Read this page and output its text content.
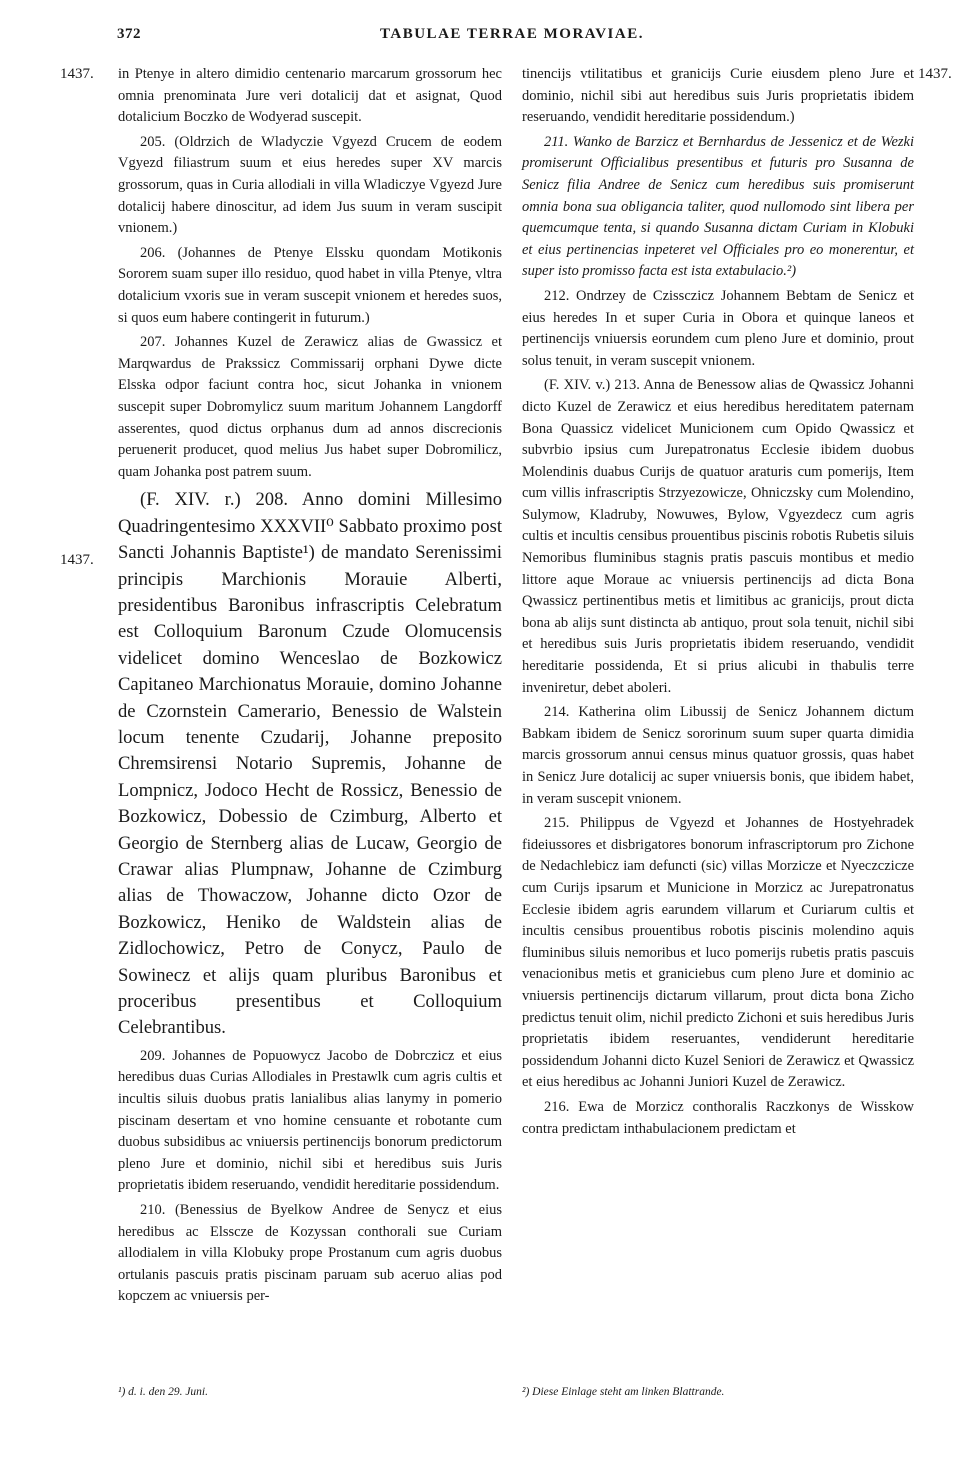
372	TABULAE TERRAE MORAVIAE.
1437.	1437.
1437.

in Ptenye in altero dimidio centenario marcarum grossorum hec omnia prenominata Jure veri dotalicij dat et asignat, Quod dotalicium Boczko de Wodyerad suscepit.

205. (Oldrzich de Wladyczie Vgyezd Crucem de eodem Vgyezd filiastrum suum et eius heredes super XV marcis grossorum, quas in Curia allodiali in villa Wladiczye Vgyezd Jure dotalicij habere dinoscitur, ad idem Jus suum in veram suscipit vnionem.)

206. (Johannes de Ptenye Elssku quondam Motikonis Sororem suam super illo residuo, quod habet in villa Ptenye, vltra dotalicium vxoris sue in veram suscepit vnionem et heredes suos, si quos eum habere contingerit in futurum.)

207. Johannes Kuzel de Zerawicz alias de Gwassicz et Marqwardus de Prakssicz Commissarij orphani Dywe dicte Elsska odpor faciunt contra hoc, sicut Johanka in vnionem suscepit super Dobromylicz suum maritum Johannem Langdorff asserentes, quod dictus orphanus dum ad annos discrecionis peruenerit producet, quod melius Jus habet super Dobromilicz, quam Johanka post patrem suum.

(F. XIV. r.) 208. Anno domini Millesimo Quadringentesimo XXXVII⁰ Sabbato proximo post Sancti Johannis Baptiste¹) de mandato Serenissimi principis Marchionis Morauie Alberti, presidentibus Baronibus infrascriptis Celebratum est Colloquium Baronum Czude Olomucensis videlicet domino Wenceslao de Bozkowicz Capitaneo Marchionatus Morauie, domino Johanne de Czornstein Camerario, Benessio de Walstein locum tenente Czudarij, Johanne preposito Chremsirensi Notario Supremis, Johanne de Lompnicz, Jodoco Hecht de Rossicz, Benessio de Bozkowicz, Dobessio de Czimburg, Alberto et Georgio de Sternberg alias de Lucaw, Georgio de Crawar alias Plumpnaw, Johanne de Czimburg alias de Thowaczow, Johanne dicto Ozor de Bozkowicz, Heniko de Waldstein alias de Zidlochowicz, Petro de Conycz, Paulo de Sowinecz et alijs quam pluribus Baronibus et proceribus presentibus et Colloquium Celebrantibus.

209. Johannes de Popuowycz Jacobo de Dobrczicz et eius heredibus duas Curias Allodiales in Prestawlk cum agris cultis et incultis siluis duobus pratis lanialibus alias lanymy in pomerio piscinam desertam et vno homine censuante et robotante cum duobus subsidibus ac vniuersis pertinencijs bonorum predictorum pleno Jure et dominio, nichil sibi et heredibus suis Juris proprietatis ibidem reseruando, vendidit hereditarie possidendum.

210. (Benessius de Byelkow Andree de Senycz et eius heredibus ac Elssczе de Kozyssan conthorali sue Curiam allodialem in villa Klobuky prope Prostanum cum agris duobus ortulanis pascuis pratis piscinam paruam sub aceruo alias pod kopczem ac vniuersis per-

tinencijs vtilitatibus et granicijs Curie eiusdem pleno Jure et dominio, nichil sibi aut heredibus suis Juris proprietatis ibidem reseruando, vendidit hereditarie possidendum.)

211. Wanko de Barzicz et Bernhardus de Jessenicz et de Wezki promiserunt Officialibus presentibus et futuris pro Susanna de Senicz filia Andree de Senicz cum heredibus suis promiserunt omnia bona sua obligancia taliter, quod nullomodo sint libera per quemcumque tenta, si quando Susanna dictam Curiam in Klobuki et eius pertinencias inpeteret vel Officiales pro eo monerentur, et super isto promisso facta est ista extabulacio.²)

212. Ondrzey de Czissczicz Johannem Bebtam de Senicz et eius heredes In et super Curia in Obora et quinque laneos et pertinencijs vniuersis eorundem cum pleno Jure et dominio, prout solus tenuit, in veram suscepit vnionem.

(F. XIV. v.) 213. Anna de Benessow alias de Qwassicz Johanni dicto Kuzel de Zerawicz et eius heredibus hereditatem paternam Bona Quassicz videlicet Municionem cum Opido Qwassicz et subvrbio ipsius cum Jurepatronatus Ecclesie ibidem duobus Molendinis duabus Curijs de quatuor araturis cum pomerijs, Item cum villis infrascriptis Strzyezowicze, Ohniczsky cum Molendino, Sulymow, Kladruby, Nowuwes, Bylow, Vgyezdecz cum agris cultis et incultis censibus prouentibus piscinis robotis Rubetis siluis Nemoribus fluminibus stagnis pratis pascuis montibus et medio littore aque Morauе ac vniuersis pertinencijs ad dicta Bona Qwassicz pertinentibus metis et limitibus ac granicijs, prout dicta bona ab alijs sunt distincta ab antiquo, prout sola tenuit, nichil sibi et heredibus suis Juris proprietatis ibidem reseruando, vendidit hereditarie possidenda, Et si prius alicubi in thabulis terre inveniretur, debet aboleri.

214. Katherina olim Libussij de Senicz Johannem dictum Babkam ibidem de Senicz sororinum suum super quarta dimidia marcis grossorum annui census minus quatuor grossis, quas habet in Senicz Jure dotalicij ac super vniuersis bonis, que ibidem habet, in veram suscepit vnionem.

215. Philippus de Vgyezd et Johannes de Hostyehradek fideiussores et disbrigatores bonorum infrascriptorum pro Zichone de Nedachlebicz iam defuncti (sic) villas Morzicze et Nyeczczicze cum Curijs ipsarum et Municione in Morzicz ac Jurepatronatus Ecclesie ibidem agris earundem villarum et Curiarum cultis et incultis censibus prouentibus robotis piscinis molendino aquis fluminibus siluis nemoribus et luco pomerijs rubetis pratis pascuis venacionibus metis et graniciebus cum pleno Jure et dominio ac vniuersis pertinencijs dictarum villarum, prout dicta bona Zicho predictus tenuit olim, nichil predicto Zichoni et suis heredibus Juris proprietatis ibidem reseruantes, vendiderunt hereditarie possidendum Johanni dicto Kuzel Seniori de Zerawicz et Qwassicz et eius heredibus ac Johanni Juniori Kuzel de Zerawicz.

216. Ewa de Morzicz conthoralis Raczkonys de Wisskow contra predictam inthabulacionem predictam et

¹) d. i. den 29. Juni.	²) Diese Einlage steht am linken Blattrande.
